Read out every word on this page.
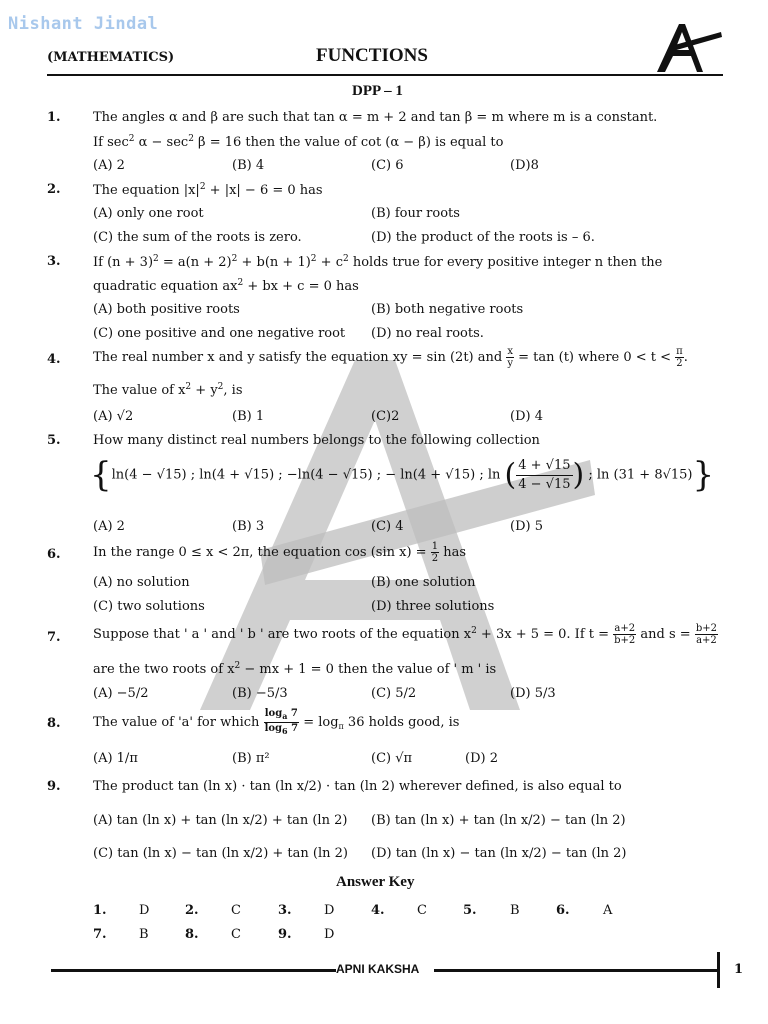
Nishant Jindal
(MATHEMATICS)	FUNCTIONS
DPP – 1
1. The angles α and β are such that tan α = m + 2 and tan β = m where m is a constant.
If $\sec^2 \alpha - \sec^2 \beta = 16$ then the value of cot (α − β) is equal to
(A) 2	(B) 4	(C) 6	(D)8
2. The equation $|x|^2 + |x| - 6 = 0$ has
(A) only one root	(B) four roots
(C) the sum of the roots is zero.	(D) the product of the roots is – 6.
3. If $(n + 3)^2 = a(n + 2)^2 + b(n + 1)^2 + c^2$ holds true for every positive integer n then the
quadratic equation $ax^2$ + bx + c = 0 has
(A) both positive roots	(B) both negative roots
(C) one positive and one negative root (D) no real roots.
4. The real number x and y satisfy the equation xy = sin (2t) and $\frac{x}{y} = \tan (t)$ where $0 < t < \frac{\pi}{2}$ .
The value of $x^2 + y^2$, is
(A) √2	(B) 1	(C)2	(D) 4
5. How many distinct real numbers belongs to the following collection
{ln(4 − √15) ; ln(4 + √15) ; −ln(4 − √15) ; − ln(4 + √15) ; ln ( $\frac{4 + √15}{4 - √15}$ ) ; ln (31 + 8√15)}
(A) 2	(B) 3	(C) 4	(D) 5
6. In the range 0 ≤ x < 2π, the equation cos (sin $x) = \frac{1}{2}$ has
(A) no solution	(B) one solution
(C) two solutions	(D) three solutions
7. Suppose that ' a ' and ' b ' are two roots of the equation $x^2 + 3x + 5 = 0$. If $t = \frac{a+2}{b+2}$ and $s = \frac{b+2}{a+2}$
are the two roots of $x^2$ − mx + 1 = 0 then the value of ' m ' is
(A) −5/2	(B) −5/3	(C) 5/2	(D) 5/3
8. The value of 'a' for which $\frac{\log_a 7}{\log_6 7} = \log_\pi 36$ holds good, is
(A) 1/π	(B) π²	(C) √π	(D) 2
9. The product tan (ln x) · tan (ln x/2) · tan (ln 2) wherever defined, is also equal to
(A) tan (ln x) + tan (ln x/2) + tan (ln 2) (B) tan (ln x) + tan (ln x/2) − tan (ln 2)
(C) tan (ln x) − tan (ln x/2) + tan (ln 2) (D) tan (ln x) − tan (ln x/2) − tan (ln 2)
Answer Key
1. D	2. C	3. D	4. C	5.	B	6.	A
7. B	8. C	9. D
APNI KAKSHA	1
